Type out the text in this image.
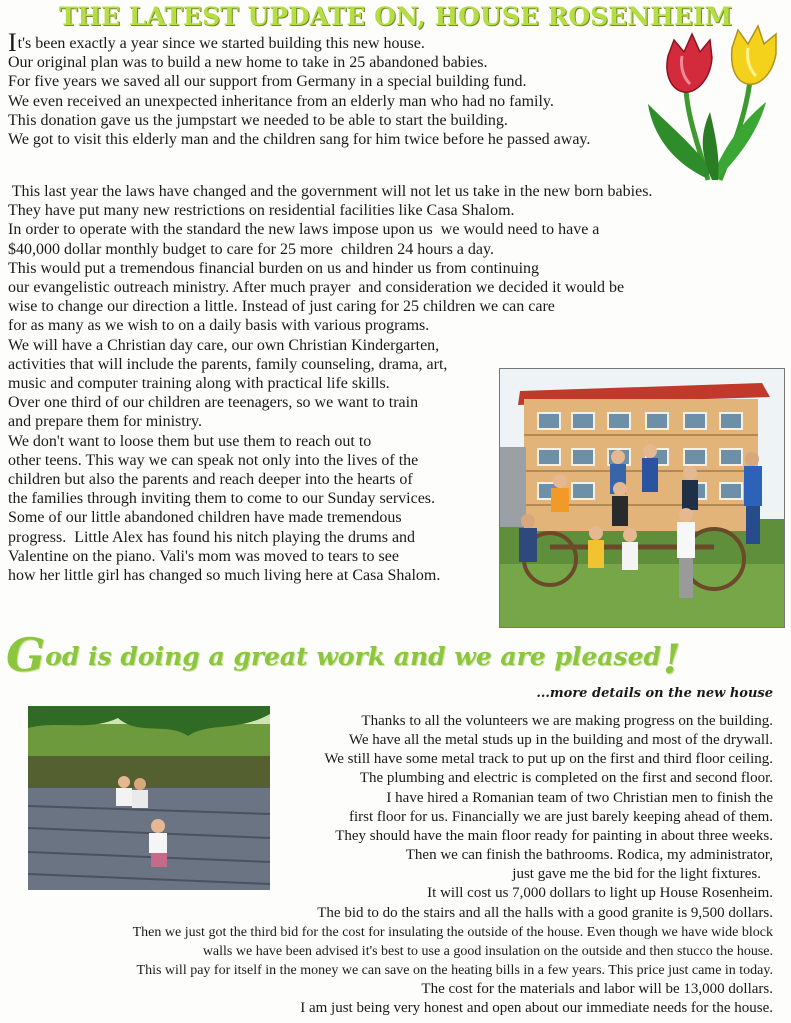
THE LATEST UPDATE ON, HOUSE ROSENHEIM

It's been exactly a year since we started building this new house.
Our original plan was to build a new home to take in 25 abandoned babies.
For five years we saved all our support from Germany in a special building fund.
We even received an unexpected inheritance from an elderly man who had no family.
This donation gave us the jumpstart we needed to be able to start the building.
We got to visit this elderly man and the children sang for him twice before he passed away.

This last year the laws have changed and the government will not let us take in the new born babies.
They have put many new restrictions on residential facilities like Casa Shalom.
In order to operate with the standard the new laws impose upon us  we would need to have a
$40,000 dollar monthly budget to care for 25 more  children 24 hours a day.
This would put a tremendous financial burden on us and hinder us from continuing
our evangelistic outreach ministry. After much prayer  and consideration we decided it would be
wise to change our direction a little. Instead of just caring for 25 children we can care
for as many as we wish to on a daily basis with various programs.
We will have a Christian day care, our own Christian Kindergarten,
activities that will include the parents, family counseling, drama, art,
music and computer training along with practical life skills.
Over one third of our children are teenagers, so we want to train
and prepare them for ministry.
We don't want to loose them but use them to reach out to
other teens. This way we can speak not only into the lives of the
children but also the parents and reach deeper into the hearts of
the families through inviting them to come to our Sunday services.
Some of our little abandoned children have made tremendous
progress.  Little Alex has found his nitch playing the drums and
Valentine on the piano. Vali's mom was moved to tears to see
how her little girl has changed so much living here at Casa Shalom.

God is doing a great work and we are pleased!
...more details on the new house

Thanks to all the volunteers we are making progress on the building.
We have all the metal studs up in the building and most of the drywall.
We still have some metal track to put up on the first and third floor ceiling.
The plumbing and electric is completed on the first and second floor.
I have hired a Romanian team of two Christian men to finish the
first floor for us. Financially we are just barely keeping ahead of them.
They should have the main floor ready for painting in about three weeks.
Then we can finish the bathrooms. Rodica, my administrator,
just gave me the bid for the light fixtures.
It will cost us 7,000 dollars to light up House Rosenheim.
The bid to do the stairs and all the halls with a good granite is 9,500 dollars.
Then we just got the third bid for the cost for insulating the outside of the house. Even though we have wide block
walls we have been advised it's best to use a good insulation on the outside and then stucco the house.
This will pay for itself in the money we can save on the heating bills in a few years. This price just came in today.
The cost for the materials and labor will be 13,000 dollars.
I am just being very honest and open about our immediate needs for the house.
